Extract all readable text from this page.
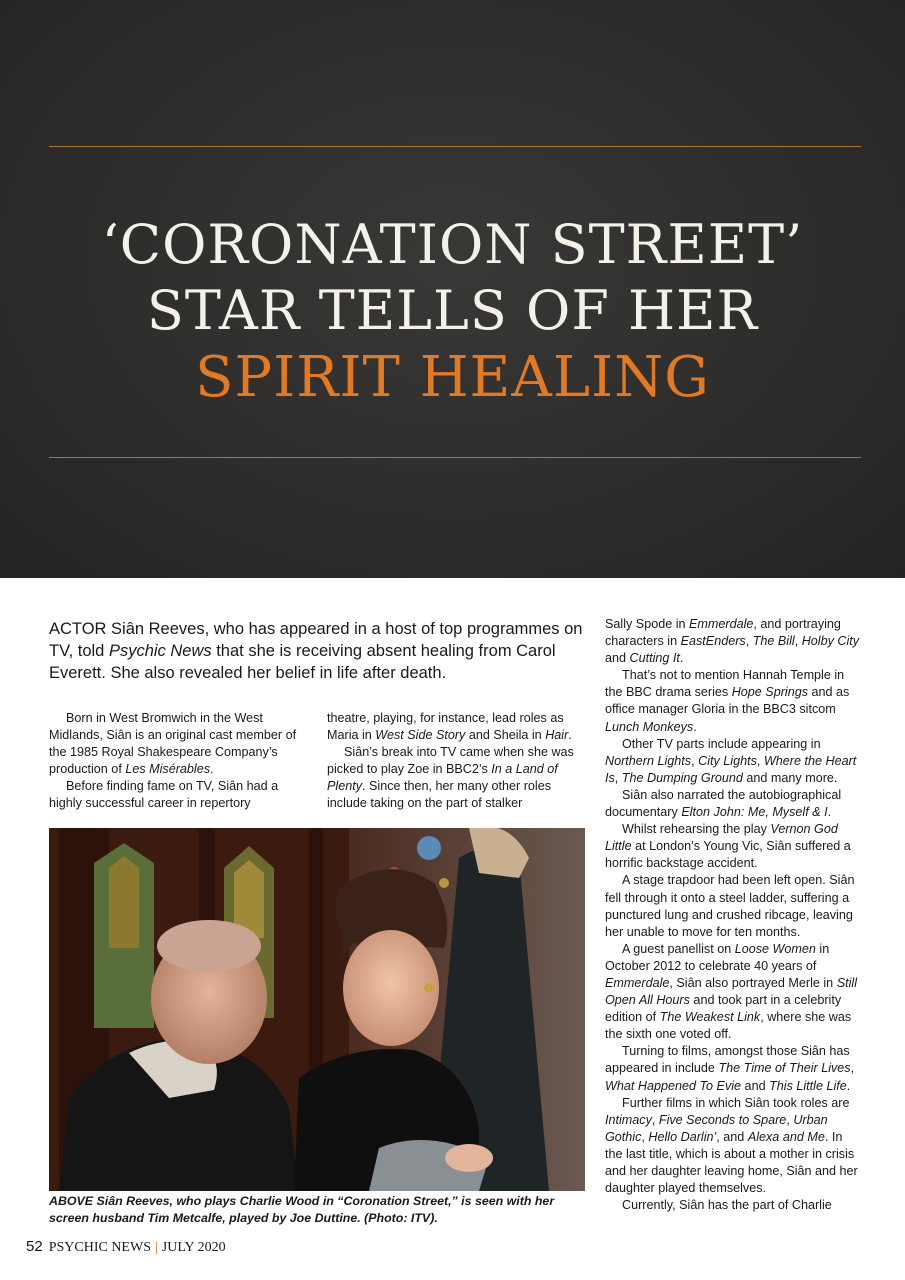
‘CORONATION STREET’
STAR TELLS OF HER
SPIRIT HEALING
ACTOR Siân Reeves, who has appeared in a host of top programmes on TV, told Psychic News that she is receiving absent healing from Carol Everett. She also revealed her belief in life after death.

Born in West Bromwich in the West Midlands, Siân is an original cast member of the 1985 Royal Shakespeare Company’s production of Les Misérables.

Before finding fame on TV, Siân had a highly successful career in repertory

theatre, playing, for instance, lead roles as Maria in West Side Story and Sheila in Hair.

Siân’s break into TV came when she was picked to play Zoe in BBC2’s In a Land of Plenty. Since then, her many other roles include taking on the part of stalker

ABOVE Siân Reeves, who plays Charlie Wood in “Coronation Street,” is seen with her screen husband Tim Metcalfe, played by Joe Duttine. (Photo: ITV).

Sally Spode in Emmerdale, and portraying characters in EastEnders, The Bill, Holby City and Cutting It.

That’s not to mention Hannah Temple in the BBC drama series Hope Springs and as office manager Gloria in the BBC3 sitcom Lunch Monkeys.

Other TV parts include appearing in Northern Lights, City Lights, Where the Heart Is, The Dumping Ground and many more.

Siân also narrated the autobiographical documentary Elton John: Me, Myself & I.

Whilst rehearsing the play Vernon God Little at London’s Young Vic, Siân suffered a horrific backstage accident.

A stage trapdoor had been left open. Siân fell through it onto a steel ladder, suffering a punctured lung and crushed ribcage, leaving her unable to move for ten months.

A guest panellist on Loose Women in October 2012 to celebrate 40 years of Emmerdale, Siân also portrayed Merle in Still Open All Hours and took part in a celebrity edition of The Weakest Link, where she was the sixth one voted off.

Turning to films, amongst those Siân has appeared in include The Time of Their Lives, What Happened To Evie and This Little Life.

Further films in which Siân took roles are Intimacy, Five Seconds to Spare, Urban Gothic, Hello Darlin’, and Alexa and Me. In the last title, which is about a mother in crisis and her daughter leaving home, Siân and her daughter played themselves.

Currently, Siân has the part of Charlie

52 PSYCHIC NEWS | JULY 2020
